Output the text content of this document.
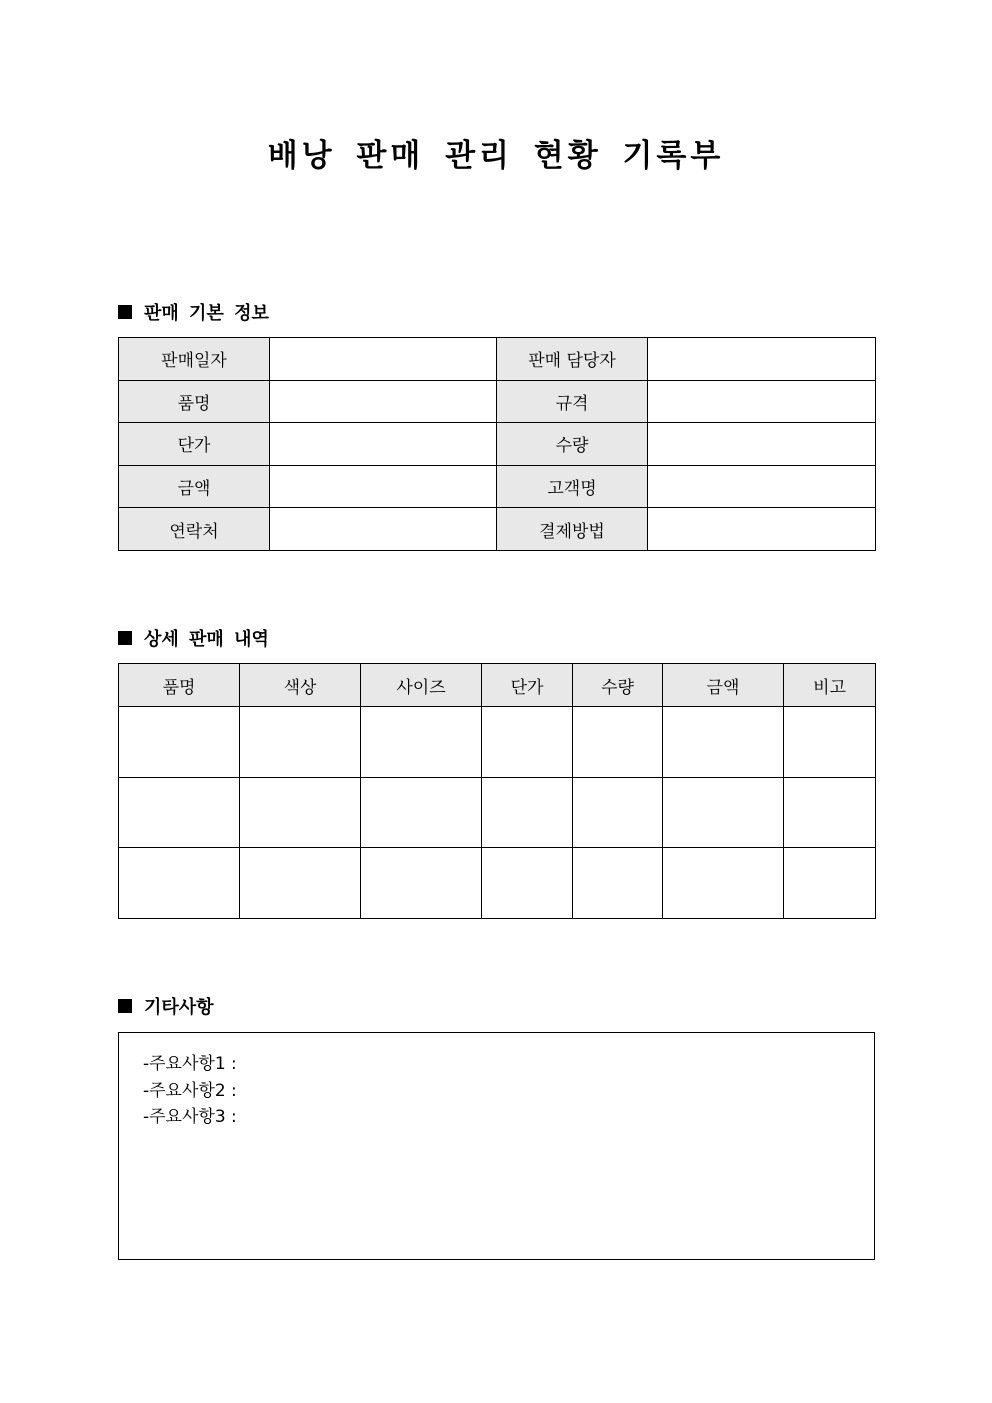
배낭 판매 관리 현황 기록부
판매 기본 정보
판매일자		판매 담당자	
품명		규격	
단가		수량	
금액		고객명	
연락처		결제방법	
상세 판매 내역
품명	색상	사이즈	단가	수량	금액	비고

기타사항
-주요사항1 :
-주요사항2 :
-주요사항3 :
